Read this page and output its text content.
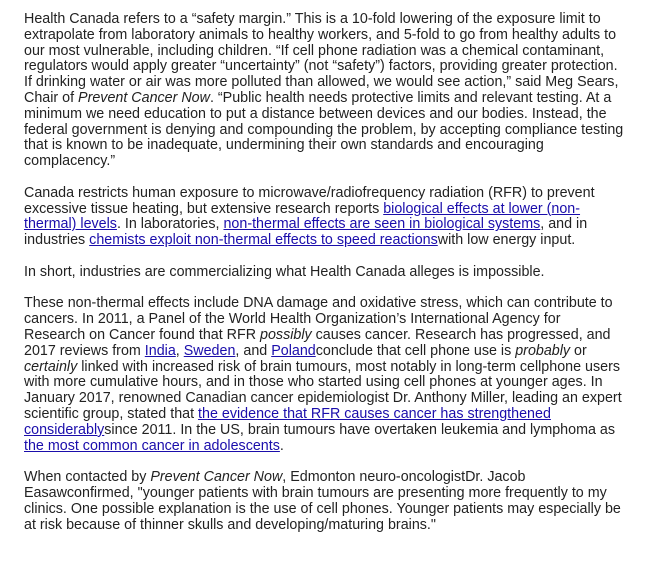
Health Canada refers to a “safety margin.” This is a 10-fold lowering of the exposure limit to extrapolate from laboratory animals to healthy workers, and 5-fold to go from healthy adults to our most vulnerable, including children. “If cell phone radiation was a chemical contaminant, regulators would apply greater “uncertainty” (not “safety”) factors, providing greater protection. If drinking water or air was more polluted than allowed, we would see action,” said Meg Sears, Chair of Prevent Cancer Now. “Public health needs protective limits and relevant testing. At a minimum we need education to put a distance between devices and our bodies. Instead, the federal government is denying and compounding the problem, by accepting compliance testing that is known to be inadequate, undermining their own standards and encouraging complacency.”

Canada restricts human exposure to microwave/radiofrequency radiation (RFR) to prevent excessive tissue heating, but extensive research reports biological effects at lower (non-thermal) levels. In laboratories, non-thermal effects are seen in biological systems, and in industries chemists exploit non-thermal effects to speed reactionswith low energy input.

In short, industries are commercializing what Health Canada alleges is impossible.

These non-thermal effects include DNA damage and oxidative stress, which can contribute to cancers. In 2011, a Panel of the World Health Organization’s International Agency for Research on Cancer found that RFR possibly causes cancer. Research has progressed, and 2017 reviews from India, Sweden, and Polandconclude that cell phone use is probably or certainly linked with increased risk of brain tumours, most notably in long-term cellphone users with more cumulative hours, and in those who started using cell phones at younger ages. In January 2017, renowned Canadian cancer epidemiologist Dr. Anthony Miller, leading an expert scientific group, stated that the evidence that RFR causes cancer has strengthened considerablysince 2011. In the US, brain tumours have overtaken leukemia and lymphoma as the most common cancer in adolescents.

When contacted by Prevent Cancer Now, Edmonton neuro-oncologistDr. Jacob Easawconfirmed, "younger patients with brain tumours are presenting more frequently to my clinics. One possible explanation is the use of cell phones. Younger patients may especially be at risk because of thinner skulls and developing/maturing brains."
